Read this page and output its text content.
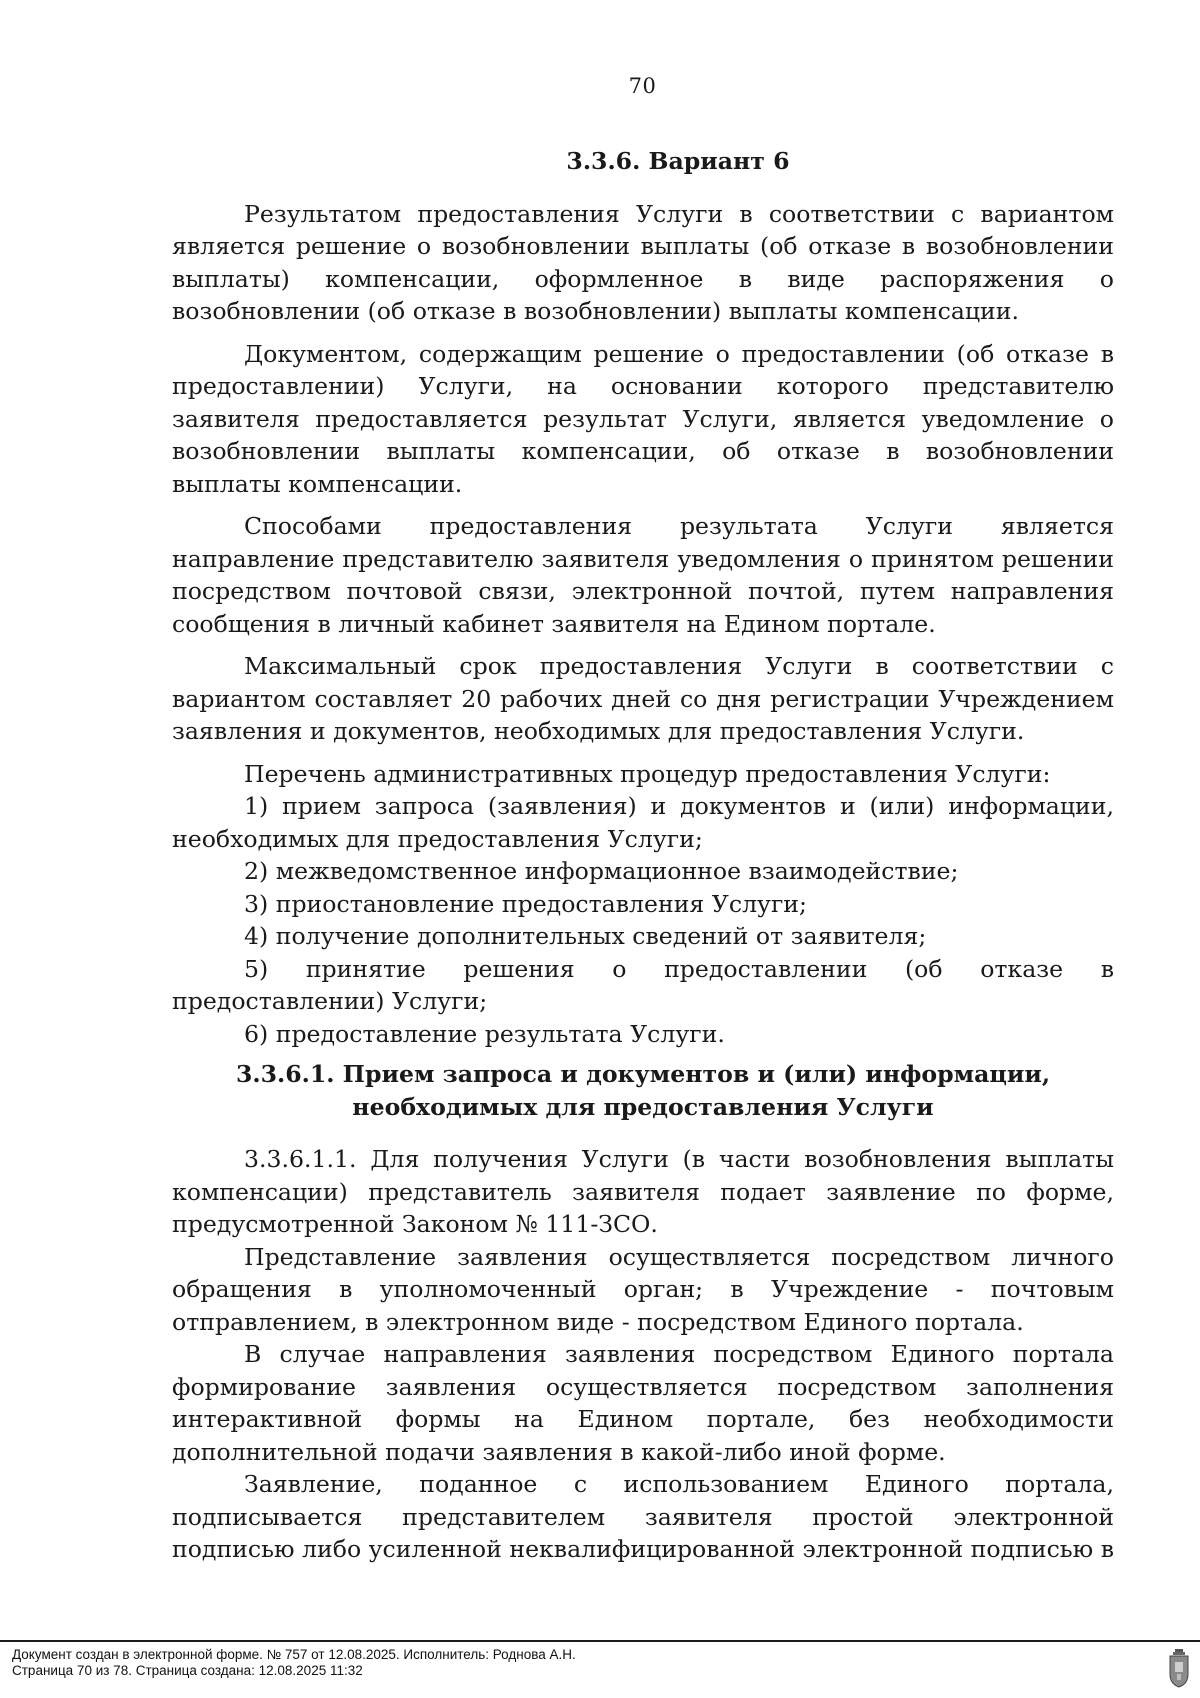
70
3.3.6. Вариант 6

Результатом предоставления Услуги в соответствии с вариантом является решение о возобновлении выплаты (об отказе в возобновлении выплаты) компенсации, оформленное в виде распоряжения о возобновлении (об отказе в возобновлении) выплаты компенсации.

Документом, содержащим решение о предоставлении (об отказе в предоставлении) Услуги, на основании которого представителю заявителя предоставляется результат Услуги, является уведомление о возобновлении выплаты компенсации, об отказе в возобновлении выплаты компенсации.

Способами предоставления результата Услуги является направление представителю заявителя уведомления о принятом решении посредством почтовой связи, электронной почтой, путем направления сообщения в личный кабинет заявителя на Едином портале.

Максимальный срок предоставления Услуги в соответствии с вариантом составляет 20 рабочих дней со дня регистрации Учреждением заявления и документов, необходимых для предоставления Услуги.

Перечень административных процедур предоставления Услуги:

1) прием запроса (заявления) и документов и (или) информации, необходимых для предоставления Услуги;

2) межведомственное информационное взаимодействие;

3) приостановление предоставления Услуги;

4) получение дополнительных сведений от заявителя;

5) принятие решения о предоставлении (об отказе в предоставлении) Услуги;

6) предоставление результата Услуги.

3.3.6.1. Прием запроса и документов и (или) информации, необходимых для предоставления Услуги

3.3.6.1.1. Для получения Услуги (в части возобновления выплаты компенсации) представитель заявителя подает заявление по форме, предусмотренной Законом № 111-ЗСО.

Представление заявления осуществляется посредством личного обращения в уполномоченный орган; в Учреждение - почтовым отправлением, в электронном виде - посредством Единого портала.

В случае направления заявления посредством Единого портала формирование заявления осуществляется посредством заполнения интерактивной формы на Едином портале, без необходимости дополнительной подачи заявления в какой-либо иной форме.

Заявление, поданное с использованием Единого портала, подписывается представителем заявителя простой электронной подписью либо усиленной неквалифицированной электронной подписью в

Документ создан в электронной форме. № 757 от 12.08.2025. Исполнитель: Роднова А.Н.
Страница 70 из 78. Страница создана: 12.08.2025 11:32
